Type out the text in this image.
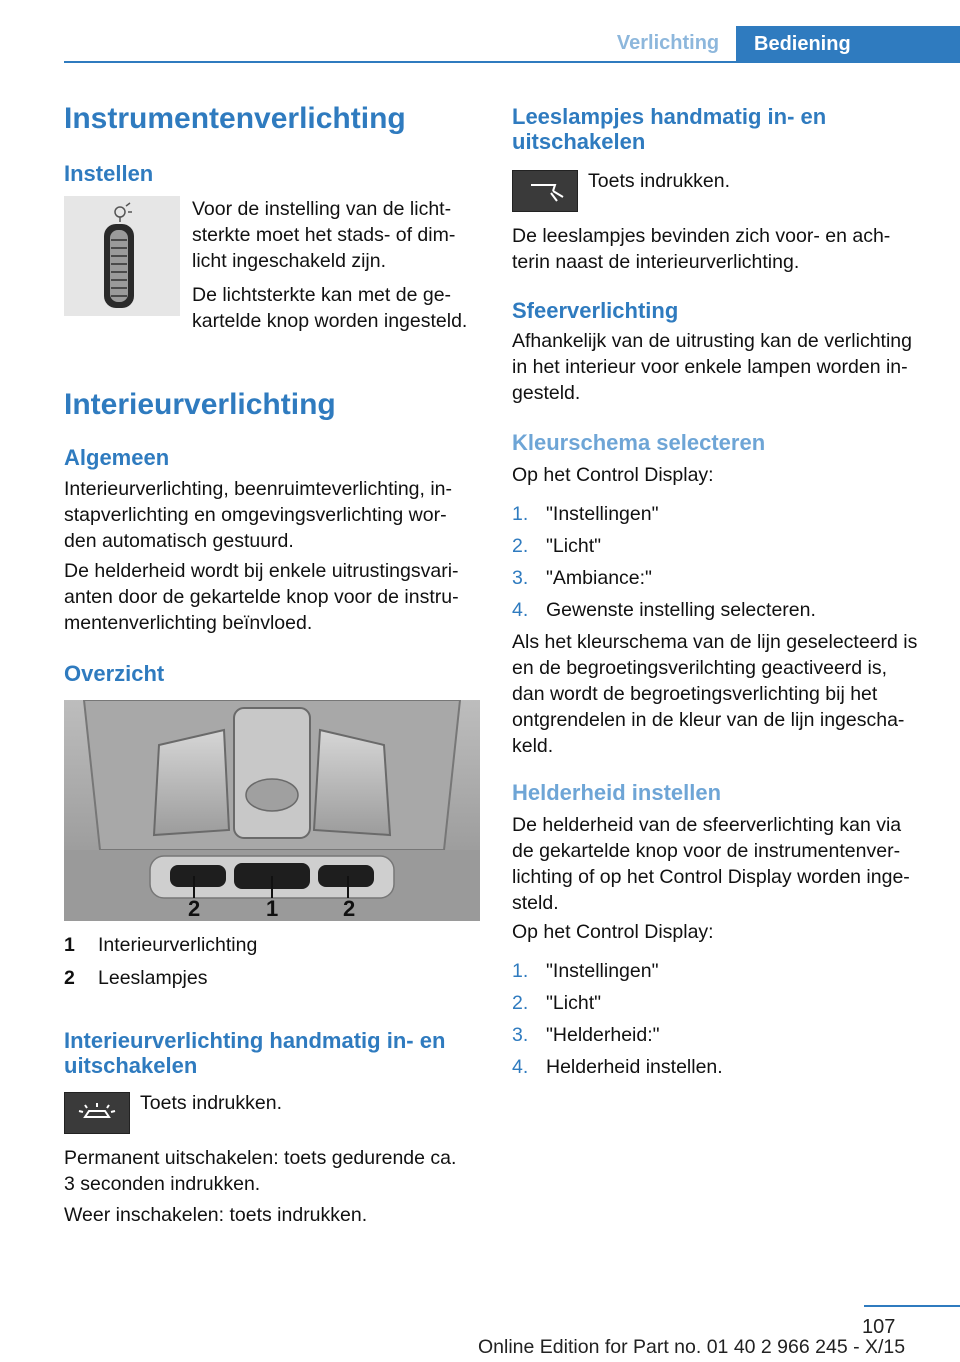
Verlichting	Bediening
Instrumentenverlichting
Instellen
Voor de instelling van de licht-
sterkte moet het stads- of dim-
licht ingeschakeld zijn.
De lichtsterkte kan met de ge-
kartelde knop worden ingesteld.
Interieurverlichting
Algemeen
Interieurverlichting, beenruimteverlichting, in-
stapverlichting en omgevingsverlichting wor-
den automatisch gestuurd.
De helderheid wordt bij enkele uitrustingsvari-
anten door de gekartelde knop voor de instru-
mentenverlichting beïnvloed.
Overzicht
2	1	2
1 Interieurverlichting
2 Leeslampjes
Interieurverlichting handmatig in- en
uitschakelen
Toets indrukken.
Permanent uitschakelen: toets gedurende ca.
3 seconden indrukken.
Weer inschakelen: toets indrukken.
Leeslampjes handmatig in- en
uitschakelen
Toets indrukken.
De leeslampjes bevinden zich voor- en ach-
terin naast de interieurverlichting.
Sfeerverlichting
Afhankelijk van de uitrusting kan de verlichting
in het interieur voor enkele lampen worden in-
gesteld.
Kleurschema selecteren
Op het Control Display:
1. "Instellingen"
2. "Licht"
3. "Ambiance:"
4. Gewenste instelling selecteren.
Als het kleurschema van de lijn geselecteerd is
en de begroetingsverilchting geactiveerd is,
dan wordt de begroetingsverlichting bij het
ontgrendelen in de kleur van de lijn ingescha-
keld.
Helderheid instellen
De helderheid van de sfeerverlichting kan via
de gekartelde knop voor de instrumentenver-
lichting of op het Control Display worden inge-
steld.
Op het Control Display:
1. "Instellingen"
2. "Licht"
3. "Helderheid:"
4. Helderheid instellen.
107
Online Edition for Part no. 01 40 2 966 245 - X/15
